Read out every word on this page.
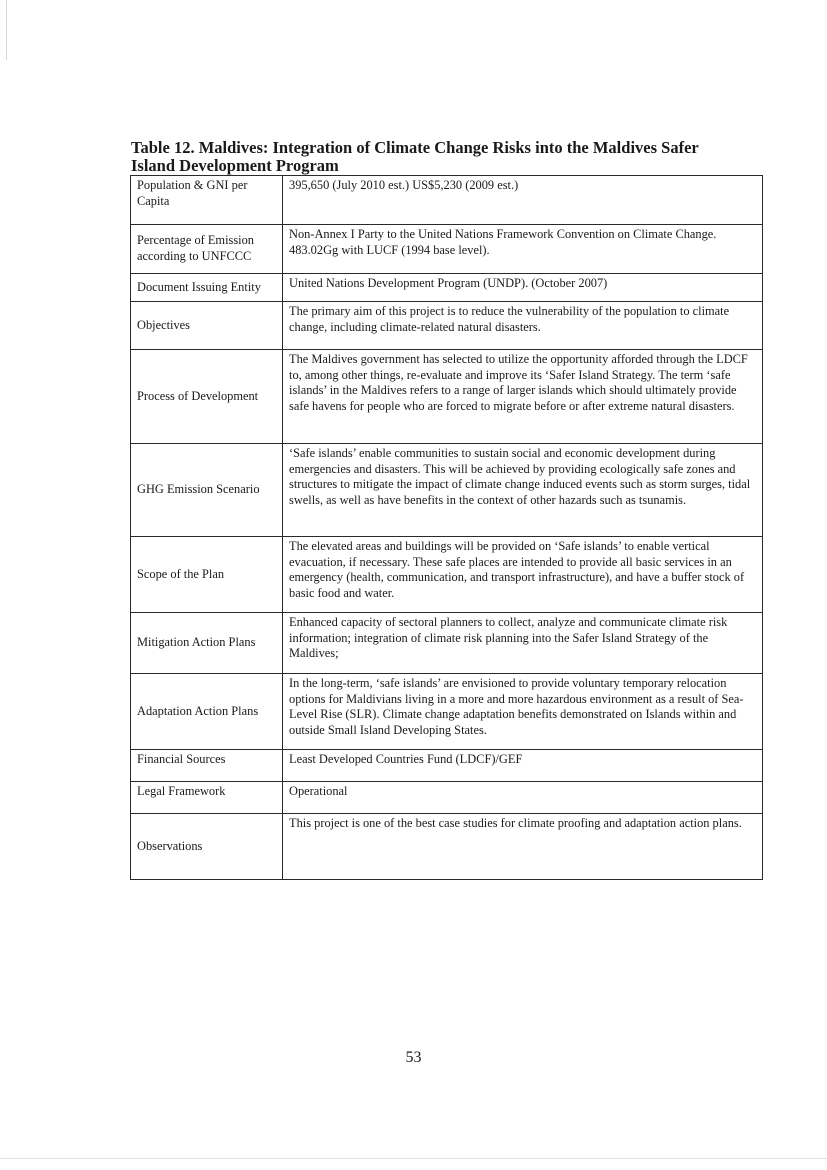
Table 12. Maldives: Integration of Climate Change Risks into the Maldives Safer Island Development Program
Population & GNI per Capita	395,650 (July 2010 est.) US$5,230 (2009 est.)
Percentage of Emission according to UNFCCC	Non-Annex I Party to the United Nations Framework Convention on Climate Change. 483.02Gg with LUCF (1994 base level).
Document Issuing Entity	United Nations Development Program (UNDP). (October 2007)
Objectives	The primary aim of this project is to reduce the vulnerability of the population to climate change, including climate-related natural disasters.
Process of Development	The Maldives government has selected to utilize the opportunity afforded through the LDCF to, among other things, re-evaluate and improve its ‘Safer Island Strategy. The term ‘safe islands’ in the Maldives refers to a range of larger islands which should ultimately provide safe havens for people who are forced to migrate before or after extreme natural disasters.
GHG Emission Scenario	‘Safe islands’ enable communities to sustain social and economic development during emergencies and disasters. This will be achieved by providing ecologically safe zones and structures to mitigate the impact of climate change induced events such as storm surges, tidal swells, as well as have benefits in the context of other hazards such as tsunamis.
Scope of the Plan	The elevated areas and buildings will be provided on ‘Safe islands’ to enable vertical evacuation, if necessary. These safe places are intended to provide all basic services in an emergency (health, communication, and transport infrastructure), and have a buffer stock of basic food and water.
Mitigation Action Plans	Enhanced capacity of sectoral planners to collect, analyze and communicate climate risk information; integration of climate risk planning into the Safer Island Strategy of the Maldives;
Adaptation Action Plans	In the long-term, ‘safe islands’ are envisioned to provide voluntary temporary relocation options for Maldivians living in a more and more hazardous environment as a result of Sea-Level Rise (SLR). Climate change adaptation benefits demonstrated on Islands within and outside Small Island Developing States.
Financial Sources	Least Developed Countries Fund (LDCF)/GEF
Legal Framework	Operational
Observations	This project is one of the best case studies for climate proofing and adaptation action plans.
53
